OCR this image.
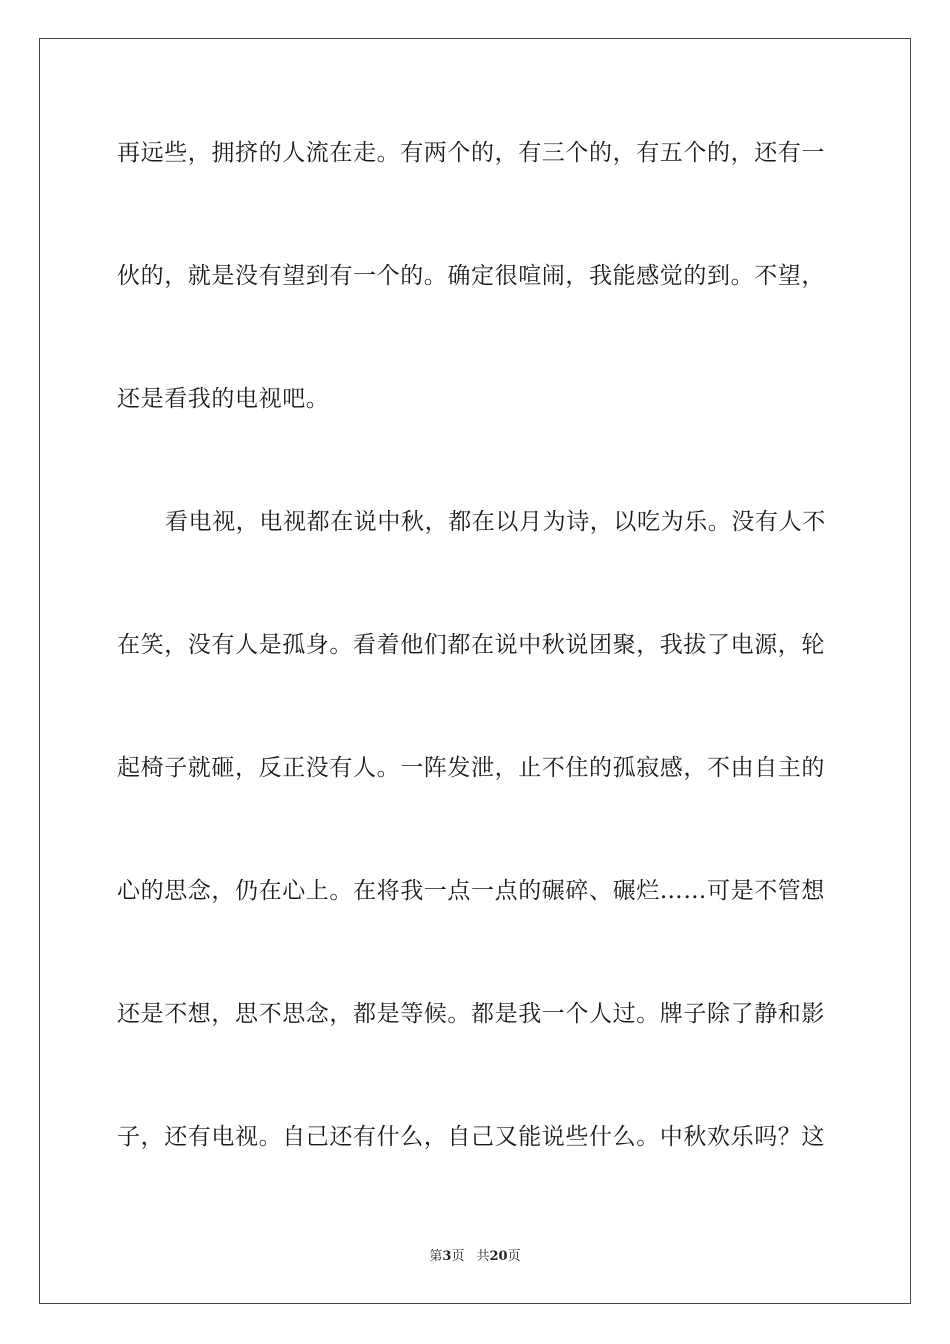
再远些，拥挤的人流在走。有两个的，有三个的，有五个的，还有一
伙的，就是没有望到有一个的。确定很喧闹，我能感觉的到。不望，
还是看我的电视吧。
看电视，电视都在说中秋，都在以月为诗，以吃为乐。没有人不
在笑，没有人是孤身。看着他们都在说中秋说团聚，我拔了电源，轮
起椅子就砸，反正没有人。一阵发泄，止不住的孤寂感，不由自主的
心的思念，仍在心上。在将我一点一点的碾碎、碾烂……可是不管想
还是不想，思不思念，都是等候。都是我一个人过。牌子除了静和影
子，还有电视。自己还有什么，自己又能说些什么。中秋欢乐吗？这
第3页 共20页
